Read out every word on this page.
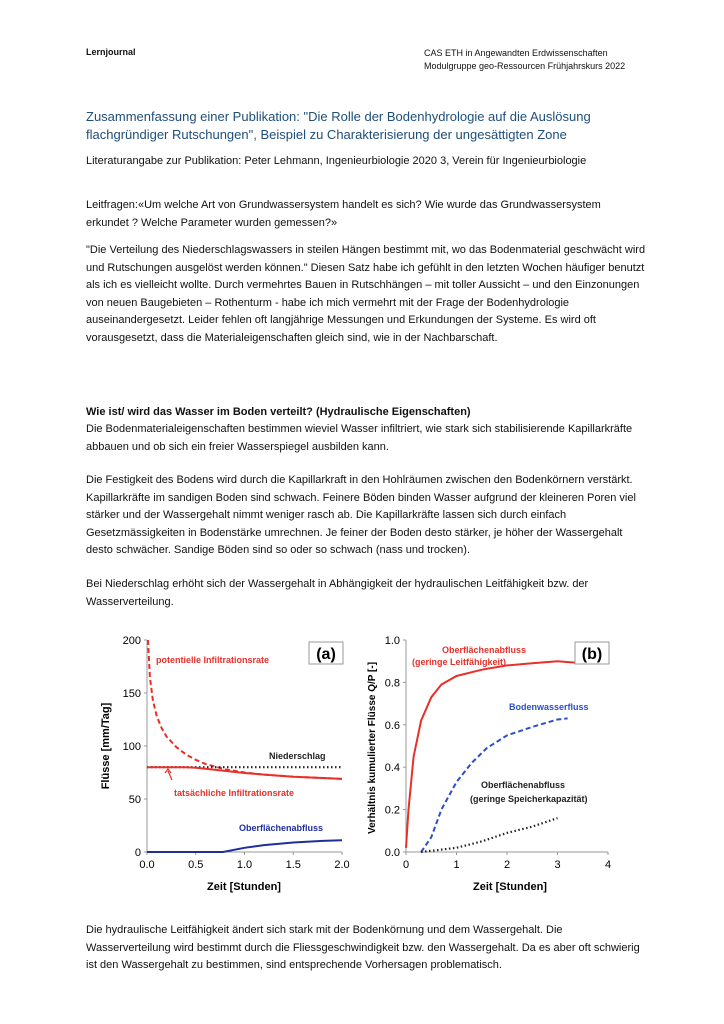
Lernjournal	CAS ETH in Angewandten Erdwissenschaften
Modulgruppe geo-Ressourcen Frühjahrskurs 2022
Zusammenfassung einer Publikation: "Die Rolle der Bodenhydrologie auf die Auslösung flachgründiger Rutschungen", Beispiel zu Charakterisierung der ungesättigten Zone

Literaturangabe zur Publikation: Peter Lehmann, Ingenieurbiologie 2020 3, Verein für Ingenieurbiologie

Leitfragen:«Um welche Art von Grundwassersystem handelt es sich? Wie wurde das Grundwassersystem erkundet ? Welche Parameter wurden gemessen?»

"Die Verteilung des Niederschlagswassers in steilen Hängen bestimmt mit, wo das Bodenmaterial geschwächt wird und Rutschungen ausgelöst werden können." Diesen Satz habe ich gefühlt in den letzten Wochen häufiger benutzt als ich es vielleicht wollte. Durch vermehrtes Bauen in Rutschhängen – mit toller Aussicht – und den Einzonungen von neuen Baugebieten – Rothenturm - habe ich mich vermehrt mit der Frage der Bodenhydrologie auseinandergesetzt. Leider fehlen oft langjährige Messungen und Erkundungen der Systeme. Es wird oft vorausgesetzt, dass die Materialeigenschaften gleich sind, wie in der Nachbarschaft.

Wie ist/ wird das Wasser im Boden verteilt? (Hydraulische Eigenschaften)

Die Bodenmaterialeigenschaften bestimmen wieviel Wasser infiltriert, wie stark sich stabilisierende Kapillarkräfte abbauen und ob sich ein freier Wasserspiegel ausbilden kann.

Die Festigkeit des Bodens wird durch die Kapillarkraft in den Hohlräumen zwischen den Bodenkörnern verstärkt. Kapillarkräfte im sandigen Boden sind schwach. Feinere Böden binden Wasser aufgrund der kleineren Poren viel stärker und der Wassergehalt nimmt weniger rasch ab. Die Kapillarkräfte lassen sich durch einfach Gesetzmässigkeiten in Bodenstärke umrechnen. Je feiner der Boden desto stärker, je höher der Wassergehalt desto schwächer. Sandige Böden sind so oder so schwach (nass und trocken).

Bei Niederschlag erhöht sich der Wassergehalt in Abhängigkeit der hydraulischen Leitfähigkeit bzw. der Wasserverteilung.

0
50
100
150
200
0.0	0.5	1.0	1.5	2.0
(a)
Zeit [Stunden]
Flüsse [mm/Tag]
potentielle Infiltrationsrate
Niederschlag
tatsächliche Infiltrationsrate
Oberflächenabfluss
0.0
0.2
0.4
0.6
0.8
1.0
0	1	2	3	4
(b)
Zeit [Stunden]
Verhältnis kumulierter Flüsse Q/P [-]
Oberflächenabfluss (geringe Leitfähigkeit)
Bodenwasserfluss
Oberflächenabfluss (geringe Speicherkapazität)

Die hydraulische Leitfähigkeit ändert sich stark mit der Bodenkörnung und dem Wassergehalt. Die Wasserverteilung wird bestimmt durch die Fliessgeschwindigkeit bzw. den Wassergehalt. Da es aber oft schwierig ist den Wassergehalt zu bestimmen, sind entsprechende Vorhersagen problematisch.
